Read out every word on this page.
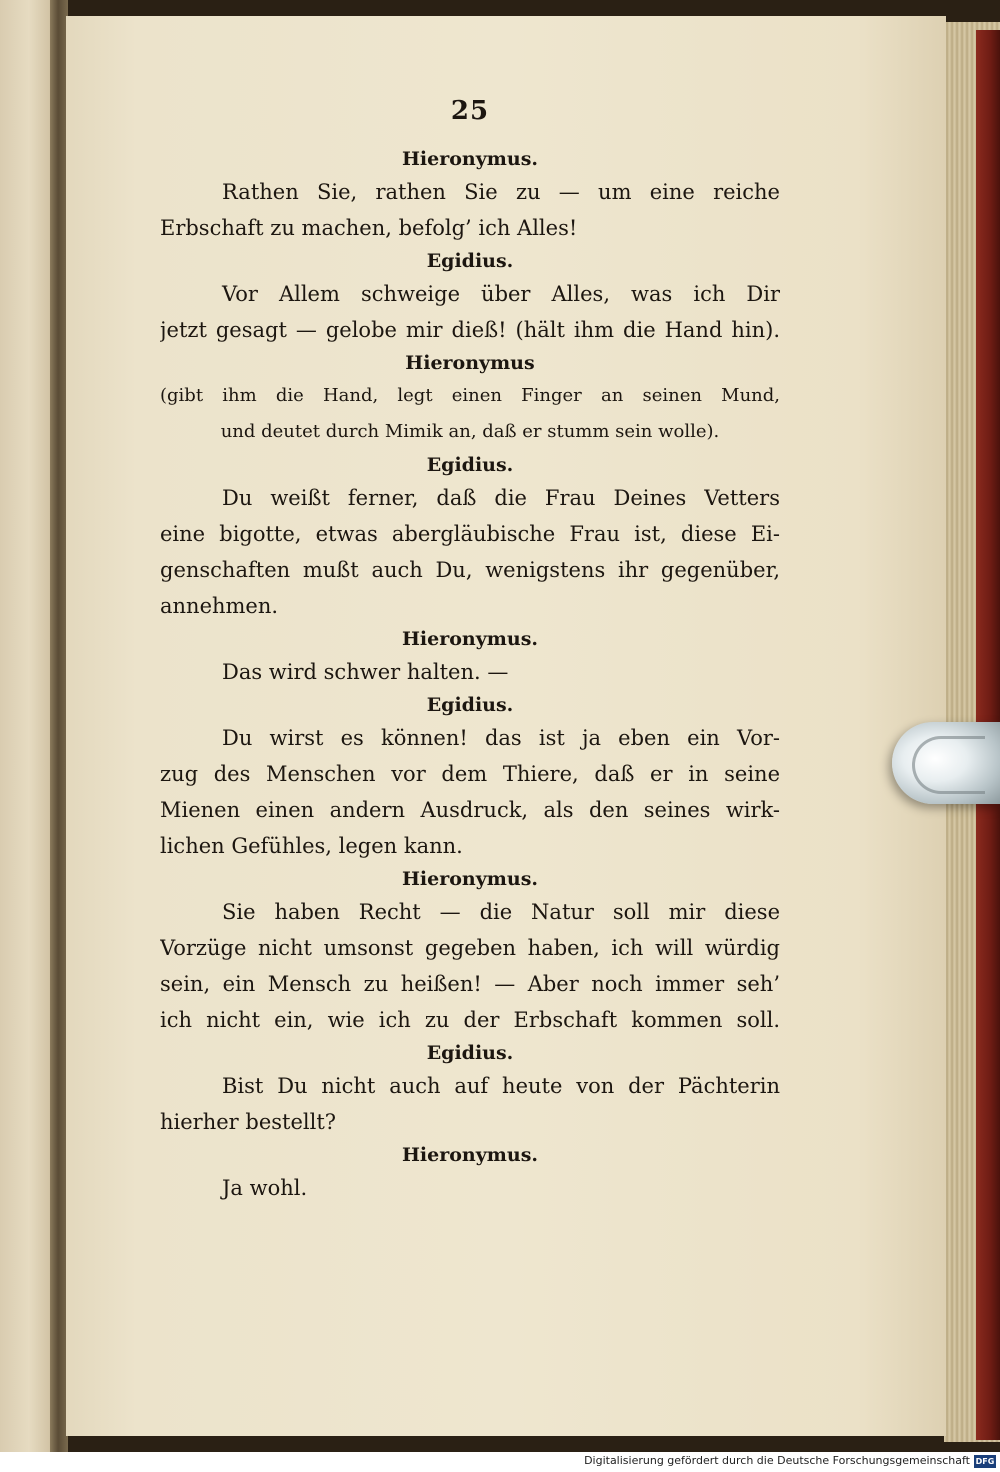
25
Hieronymus.
Rathen Sie, rathen Sie zu — um eine reiche
Erbschaft zu machen, befolg’ ich Alles!
Egidius.
Vor Allem schweige über Alles, was ich Dir
jetzt gesagt — gelobe mir dieß! (hält ihm die Hand hin).
Hieronymus
(gibt ihm die Hand, legt einen Finger an seinen Mund,
und deutet durch Mimik an, daß er stumm sein wolle).
Egidius.
Du weißt ferner, daß die Frau Deines Vetters
eine bigotte, etwas abergläubische Frau ist, diese Ei-
genschaften mußt auch Du, wenigstens ihr gegenüber,
annehmen.
Hieronymus.
Das wird schwer halten. —
Egidius.
Du wirst es können! das ist ja eben ein Vor-
zug des Menschen vor dem Thiere, daß er in seine
Mienen einen andern Ausdruck, als den seines wirk-
lichen Gefühles, legen kann.
Hieronymus.
Sie haben Recht — die Natur soll mir diese
Vorzüge nicht umsonst gegeben haben, ich will würdig
sein, ein Mensch zu heißen! — Aber noch immer seh’
ich nicht ein, wie ich zu der Erbschaft kommen soll.
Egidius.
Bist Du nicht auch auf heute von der Pächterin
hierher bestellt?
Hieronymus.
Ja wohl.
Digitalisierung gefördert durch die Deutsche Forschungsgemeinschaft DFG
